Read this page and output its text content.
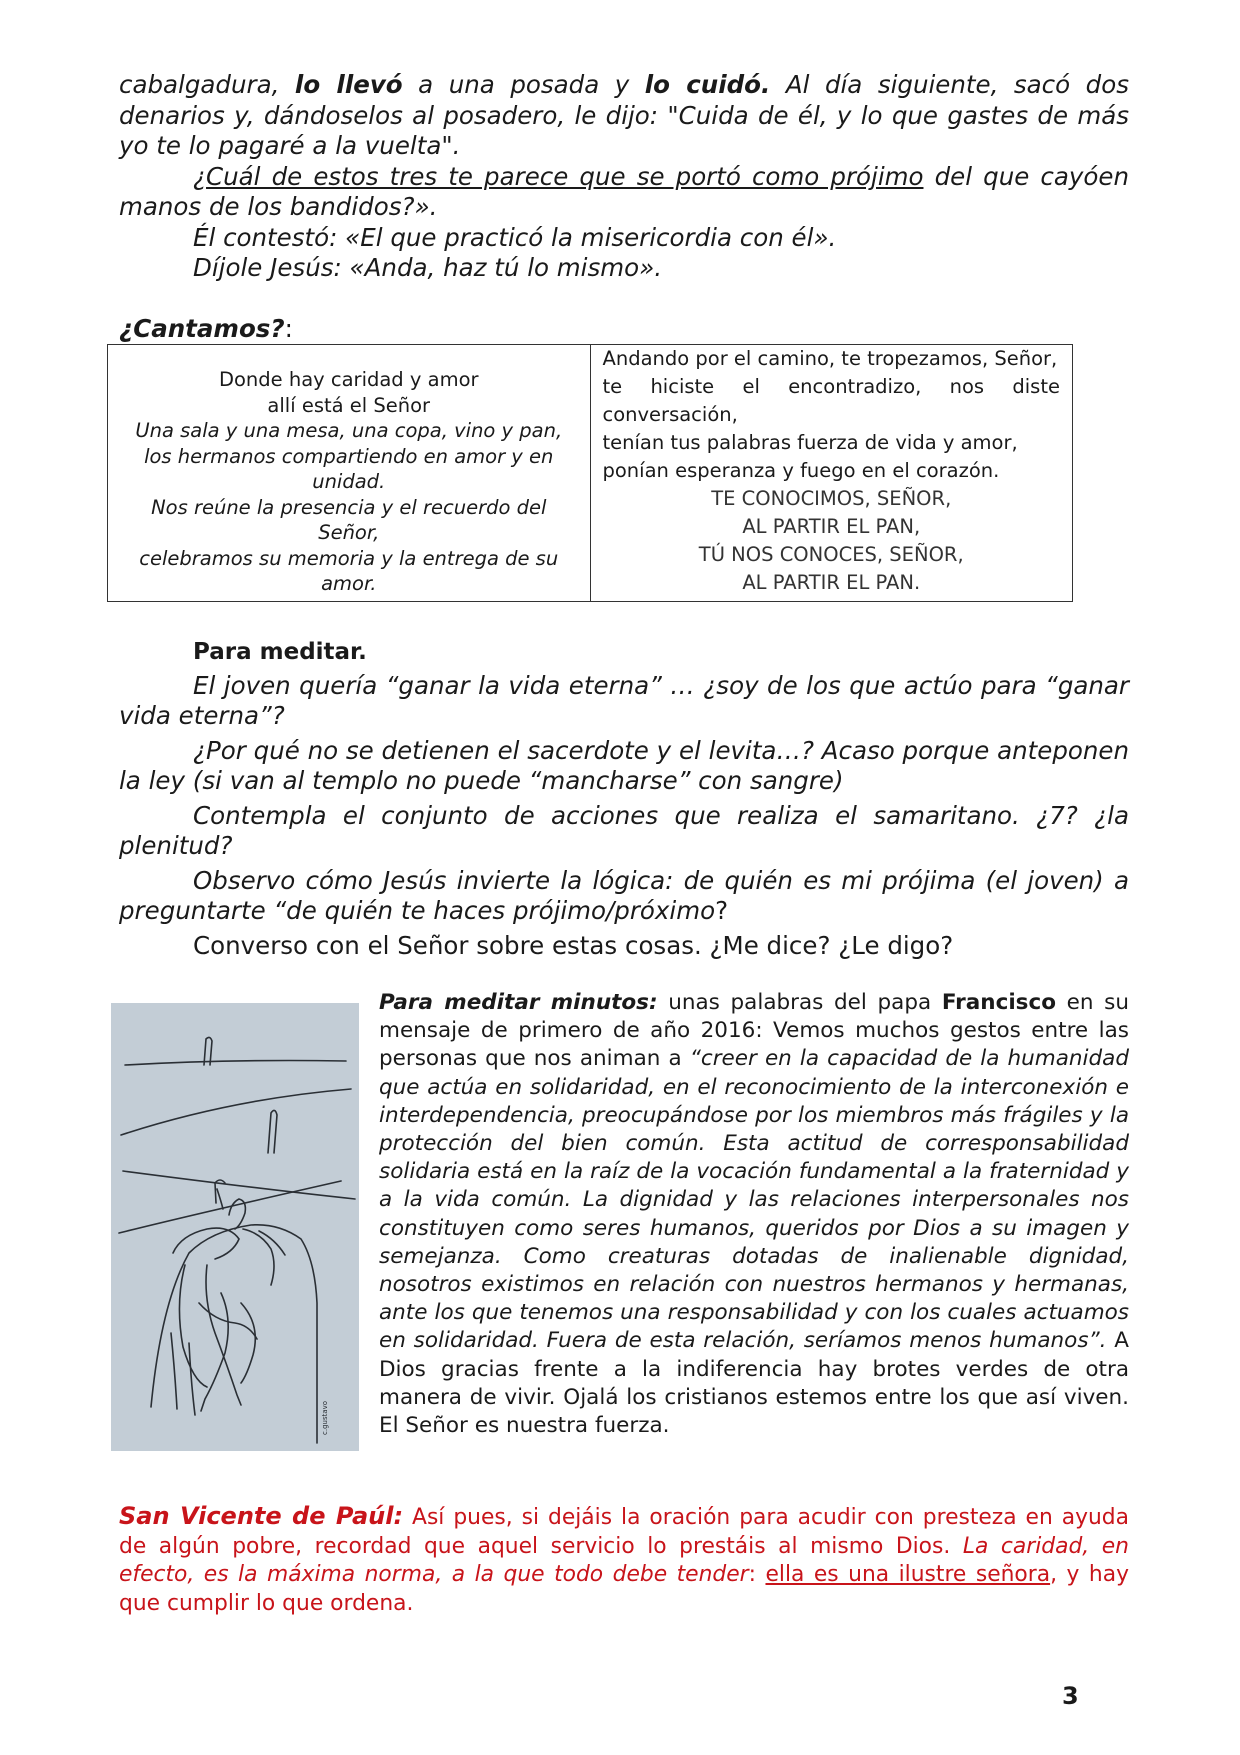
cabalgadura, lo llevó a una posada y lo cuidó. Al día siguiente, sacó dos denarios y, dándoselos al posadero, le dijo: "Cuida de él, y lo que gastes de más yo te lo pagaré a la vuelta".

¿Cuál de estos tres te parece que se portó como prójimo del que cayóen manos de los bandidos?».

Él contestó: «El que practicó la misericordia con él».

Díjole Jesús: «Anda, haz tú lo mismo».

¿Cantamos?:

Donde hay caridad y amor
allí está el Señor
Una sala y una mesa, una copa, vino y pan,
los hermanos compartiendo en amor y en unidad.
Nos reúne la presencia y el recuerdo del Señor,
celebramos su memoria y la entrega de su amor.

Andando por el camino, te tropezamos, Señor,
te hiciste el encontradizo, nos diste conversación,
tenían tus palabras fuerza de vida y amor,
ponían esperanza y fuego en el corazón.
TE CONOCIMOS, SEÑOR,
AL PARTIR EL PAN,
TÚ NOS CONOCES, SEÑOR,
AL PARTIR EL PAN.

Para meditar.

El joven quería “ganar la vida eterna” … ¿soy de los que actúo para “ganar vida eterna”?

¿Por qué no se detienen el sacerdote y el levita…? Acaso porque anteponen la ley (si van al templo no puede “mancharse” con sangre)

Contempla el conjunto de acciones que realiza el samaritano. ¿7? ¿la plenitud?

Observo cómo Jesús invierte la lógica: de quién es mi prójima (el joven) a preguntarte “de quién te haces prójimo/próximo?

Converso con el Señor sobre estas cosas. ¿Me dice? ¿Le digo?

c.gustavo

Para meditar minutos: unas palabras del papa Francisco en su mensaje de primero de año 2016: Vemos muchos gestos entre las personas que nos animan a “creer en la capacidad de la humanidad que actúa en solidaridad, en el reconocimiento de la interconexión e interdependencia, preocupándose por los miembros más frágiles y la protección del bien común. Esta actitud de corresponsabilidad solidaria está en la raíz de la vocación fundamental a la fraternidad y a la vida común. La dignidad y las relaciones interpersonales nos constituyen como seres humanos, queridos por Dios a su imagen y semejanza. Como creaturas dotadas de inalienable dignidad, nosotros existimos en relación con nuestros hermanos y hermanas, ante los que tenemos una responsabilidad y con los cuales actuamos en solidaridad. Fuera de esta relación, seríamos menos humanos”. A Dios gracias frente a la indiferencia hay brotes verdes de otra manera de vivir. Ojalá los cristianos estemos entre los que así viven. El Señor es nuestra fuerza.

San Vicente de Paúl: Así pues, si dejáis la oración para acudir con presteza en ayuda de algún pobre, recordad que aquel servicio lo prestáis al mismo Dios. La caridad, en efecto, es la máxima norma, a la que todo debe tender: ella es una ilustre señora, y hay que cumplir lo que ordena.

3
